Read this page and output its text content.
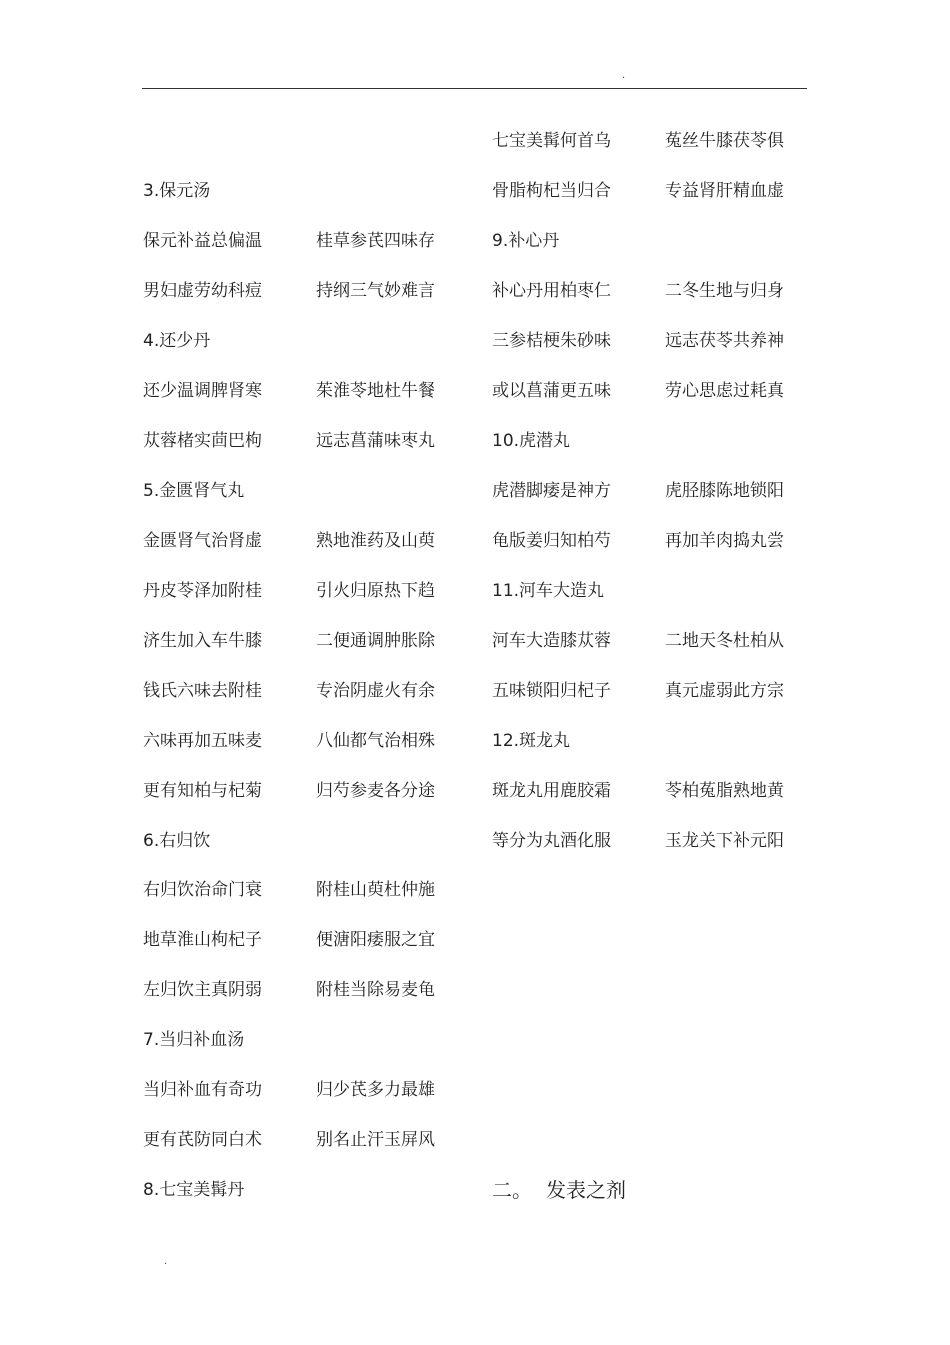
.
3.保元汤
保元补益总偏温	桂草参芪四味存
男妇虚劳幼科痘	持纲三气妙难言
4.还少丹
还少温调脾肾寒	茱淮苓地杜牛餐
苁蓉楮实茴巴枸	远志菖蒲味枣丸
5.金匮肾气丸
金匮肾气治肾虚	熟地淮药及山萸
丹皮苓泽加附桂	引火归原热下趋
济生加入车牛膝	二便通调肿胀除
钱氏六味去附桂	专治阴虚火有余
六味再加五味麦	八仙都气治相殊
更有知柏与杞菊	归芍参麦各分途
6.右归饮
右归饮治命门衰	附桂山萸杜仲施
地草淮山枸杞子	便溏阳痿服之宜
左归饮主真阴弱	附桂当除易麦龟
7.当归补血汤
当归补血有奇功	归少芪多力最雄
更有芪防同白术	别名止汗玉屏风
8.七宝美髯丹
七宝美髯何首乌	菟丝牛膝茯苓俱
骨脂枸杞当归合	专益肾肝精血虚
9.补心丹
补心丹用柏枣仁	二冬生地与归身
三参桔梗朱砂味	远志茯苓共养神
或以菖蒲更五味	劳心思虑过耗真
10.虎潜丸
虎潜脚痿是神方	虎胫膝陈地锁阳
龟版姜归知柏芍	再加羊肉捣丸尝
11.河车大造丸
河车大造膝苁蓉	二地天冬杜柏从
五味锁阳归杞子	真元虚弱此方宗
12.斑龙丸
斑龙丸用鹿胶霜	苓柏菟脂熟地黄
等分为丸酒化服	玉龙关下补元阳
二。 发表之剂
.
